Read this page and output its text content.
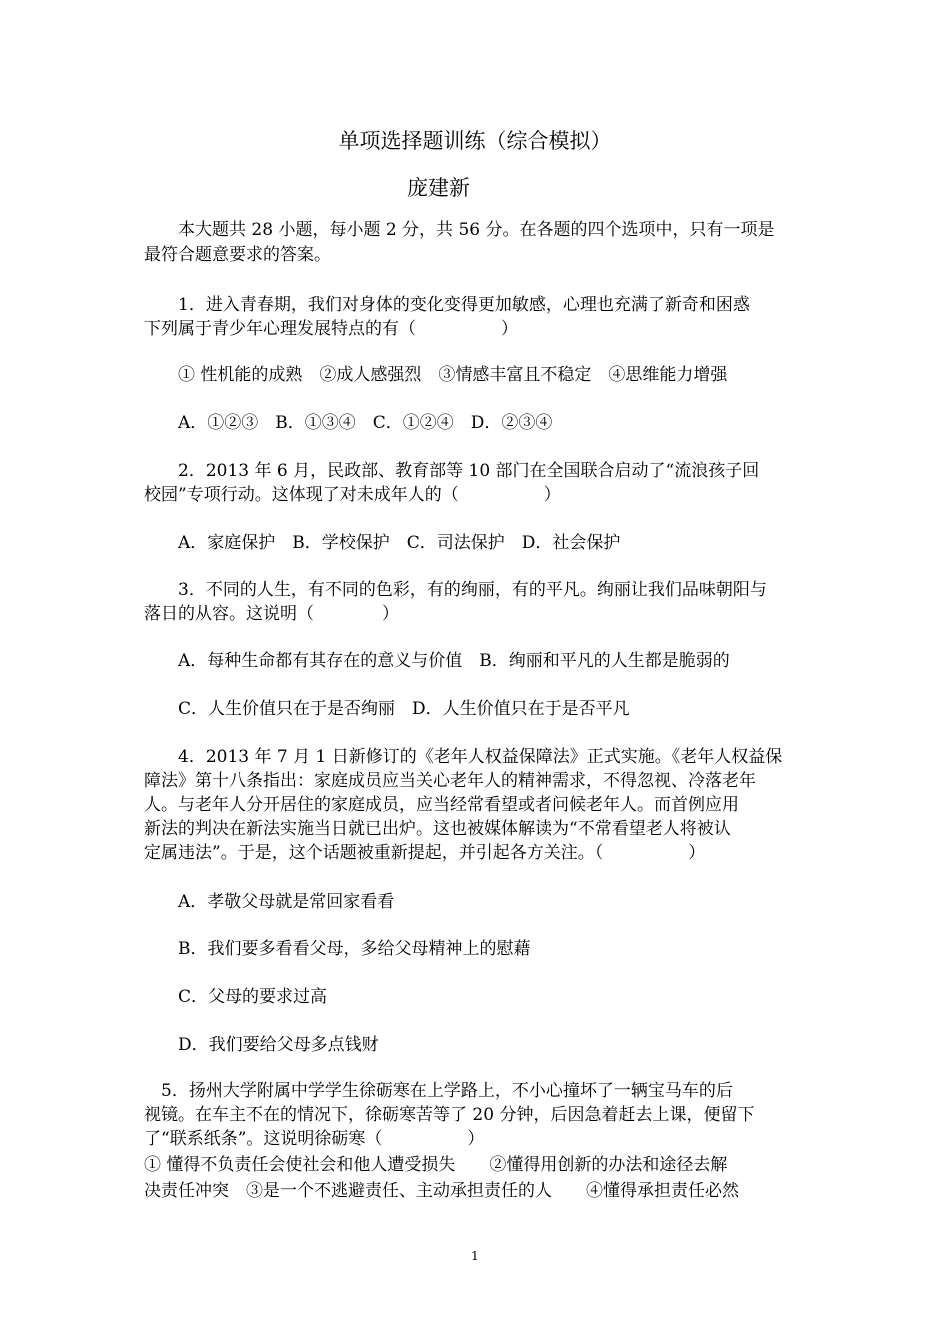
单项选择题训练（综合模拟）
庞建新
　　本大题共 28 小题，每小题 2 分，共 56 分。在各题的四个选项中，只有一项是
最符合题意要求的答案。
　　1．进入青春期，我们对身体的变化变得更加敏感，心理也充满了新奇和困惑
下列属于青少年心理发展特点的有（　　　　　）
　　① 性机能的成熟　②成人感强烈　③情感丰富且不稳定　④思维能力增强
　　A．①②③　B．①③④　C．①②④　D．②③④
　　2．2013 年 6 月，民政部、教育部等 10 部门在全国联合启动了“流浪孩子回
校园”专项行动。这体现了对未成年人的（　　　　　）
　　A．家庭保护　B．学校保护　C．司法保护　D．社会保护
　　3．不同的人生，有不同的色彩，有的绚丽，有的平凡。绚丽让我们品味朝阳与
落日的从容。这说明（　　　　）
　　A．每种生命都有其存在的意义与价值　B．绚丽和平凡的人生都是脆弱的
　　C．人生价值只在于是否绚丽　D．人生价值只在于是否平凡
　　4．2013 年 7 月 1 日新修订的《老年人权益保障法》正式实施。《老年人权益保
障法》第十八条指出：家庭成员应当关心老年人的精神需求，不得忽视、冷落老年
人。与老年人分开居住的家庭成员，应当经常看望或者问候老年人。而首例应用
新法的判决在新法实施当日就已出炉。这也被媒体解读为“不常看望老人将被认
定属违法”。于是，这个话题被重新提起，并引起各方关注。（　　　　　）
　　A．孝敬父母就是常回家看看
　　B．我们要多看看父母，多给父母精神上的慰藉
　　C．父母的要求过高
　　D．我们要给父母多点钱财
　5．扬州大学附属中学学生徐砺寒在上学路上，不小心撞坏了一辆宝马车的后
视镜。在车主不在的情况下，徐砺寒苦等了 20 分钟，后因急着赶去上课，便留下
了“联系纸条”。这说明徐砺寒（　　　　　）
① 懂得不负责任会使社会和他人遭受损失　　②懂得用创新的办法和途径去解
决责任冲突　③是一个不逃避责任、主动承担责任的人　　④懂得承担责任必然
1
